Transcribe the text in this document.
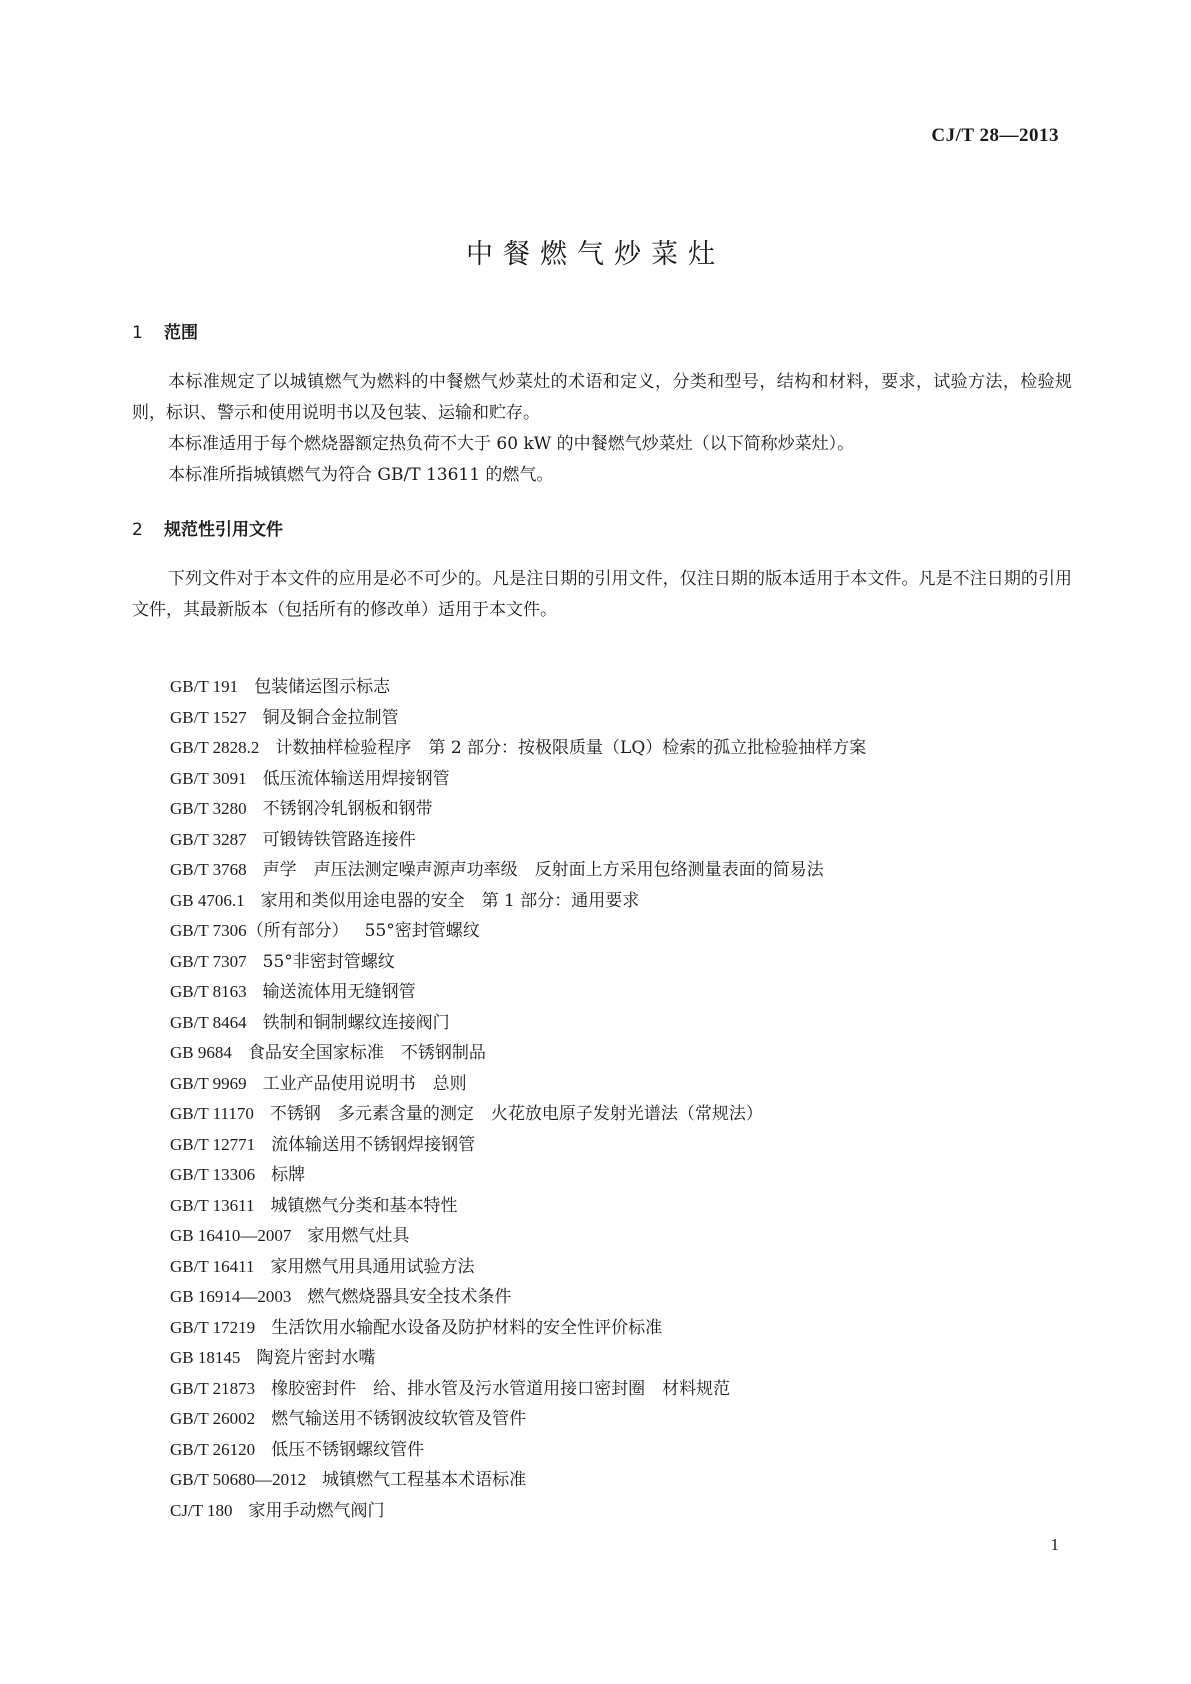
CJ/T 28—2013
中餐燃气炒菜灶
1 范围
本标准规定了以城镇燃气为燃料的中餐燃气炒菜灶的术语和定义，分类和型号，结构和材料，要求，试验方法，检验规则，标识、警示和使用说明书以及包装、运输和贮存。
本标准适用于每个燃烧器额定热负荷不大于 60 kW 的中餐燃气炒菜灶（以下简称炒菜灶）。
本标准所指城镇燃气为符合 GB/T 13611 的燃气。
2 规范性引用文件
下列文件对于本文件的应用是必不可少的。凡是注日期的引用文件，仅注日期的版本适用于本文件。凡是不注日期的引用文件，其最新版本（包括所有的修改单）适用于本文件。
GB/T 191 包装储运图示标志
GB/T 1527 铜及铜合金拉制管
GB/T 2828.2 计数抽样检验程序　第 2 部分：按极限质量（LQ）检索的孤立批检验抽样方案
GB/T 3091 低压流体输送用焊接钢管
GB/T 3280 不锈钢冷轧钢板和钢带
GB/T 3287 可锻铸铁管路连接件
GB/T 3768 声学　声压法测定噪声源声功率级　反射面上方采用包络测量表面的简易法
GB 4706.1 家用和类似用途电器的安全　第 1 部分：通用要求
GB/T 7306（所有部分） 55°密封管螺纹
GB/T 7307 55°非密封管螺纹
GB/T 8163 输送流体用无缝钢管
GB/T 8464 铁制和铜制螺纹连接阀门
GB 9684 食品安全国家标准　不锈钢制品
GB/T 9969 工业产品使用说明书　总则
GB/T 11170 不锈钢　多元素含量的测定　火花放电原子发射光谱法（常规法）
GB/T 12771 流体输送用不锈钢焊接钢管
GB/T 13306 标牌
GB/T 13611 城镇燃气分类和基本特性
GB 16410—2007 家用燃气灶具
GB/T 16411 家用燃气用具通用试验方法
GB 16914—2003 燃气燃烧器具安全技术条件
GB/T 17219 生活饮用水输配水设备及防护材料的安全性评价标准
GB 18145 陶瓷片密封水嘴
GB/T 21873 橡胶密封件　给、排水管及污水管道用接口密封圈　材料规范
GB/T 26002 燃气输送用不锈钢波纹软管及管件
GB/T 26120 低压不锈钢螺纹管件
GB/T 50680—2012 城镇燃气工程基本术语标准
CJ/T 180 家用手动燃气阀门
1
